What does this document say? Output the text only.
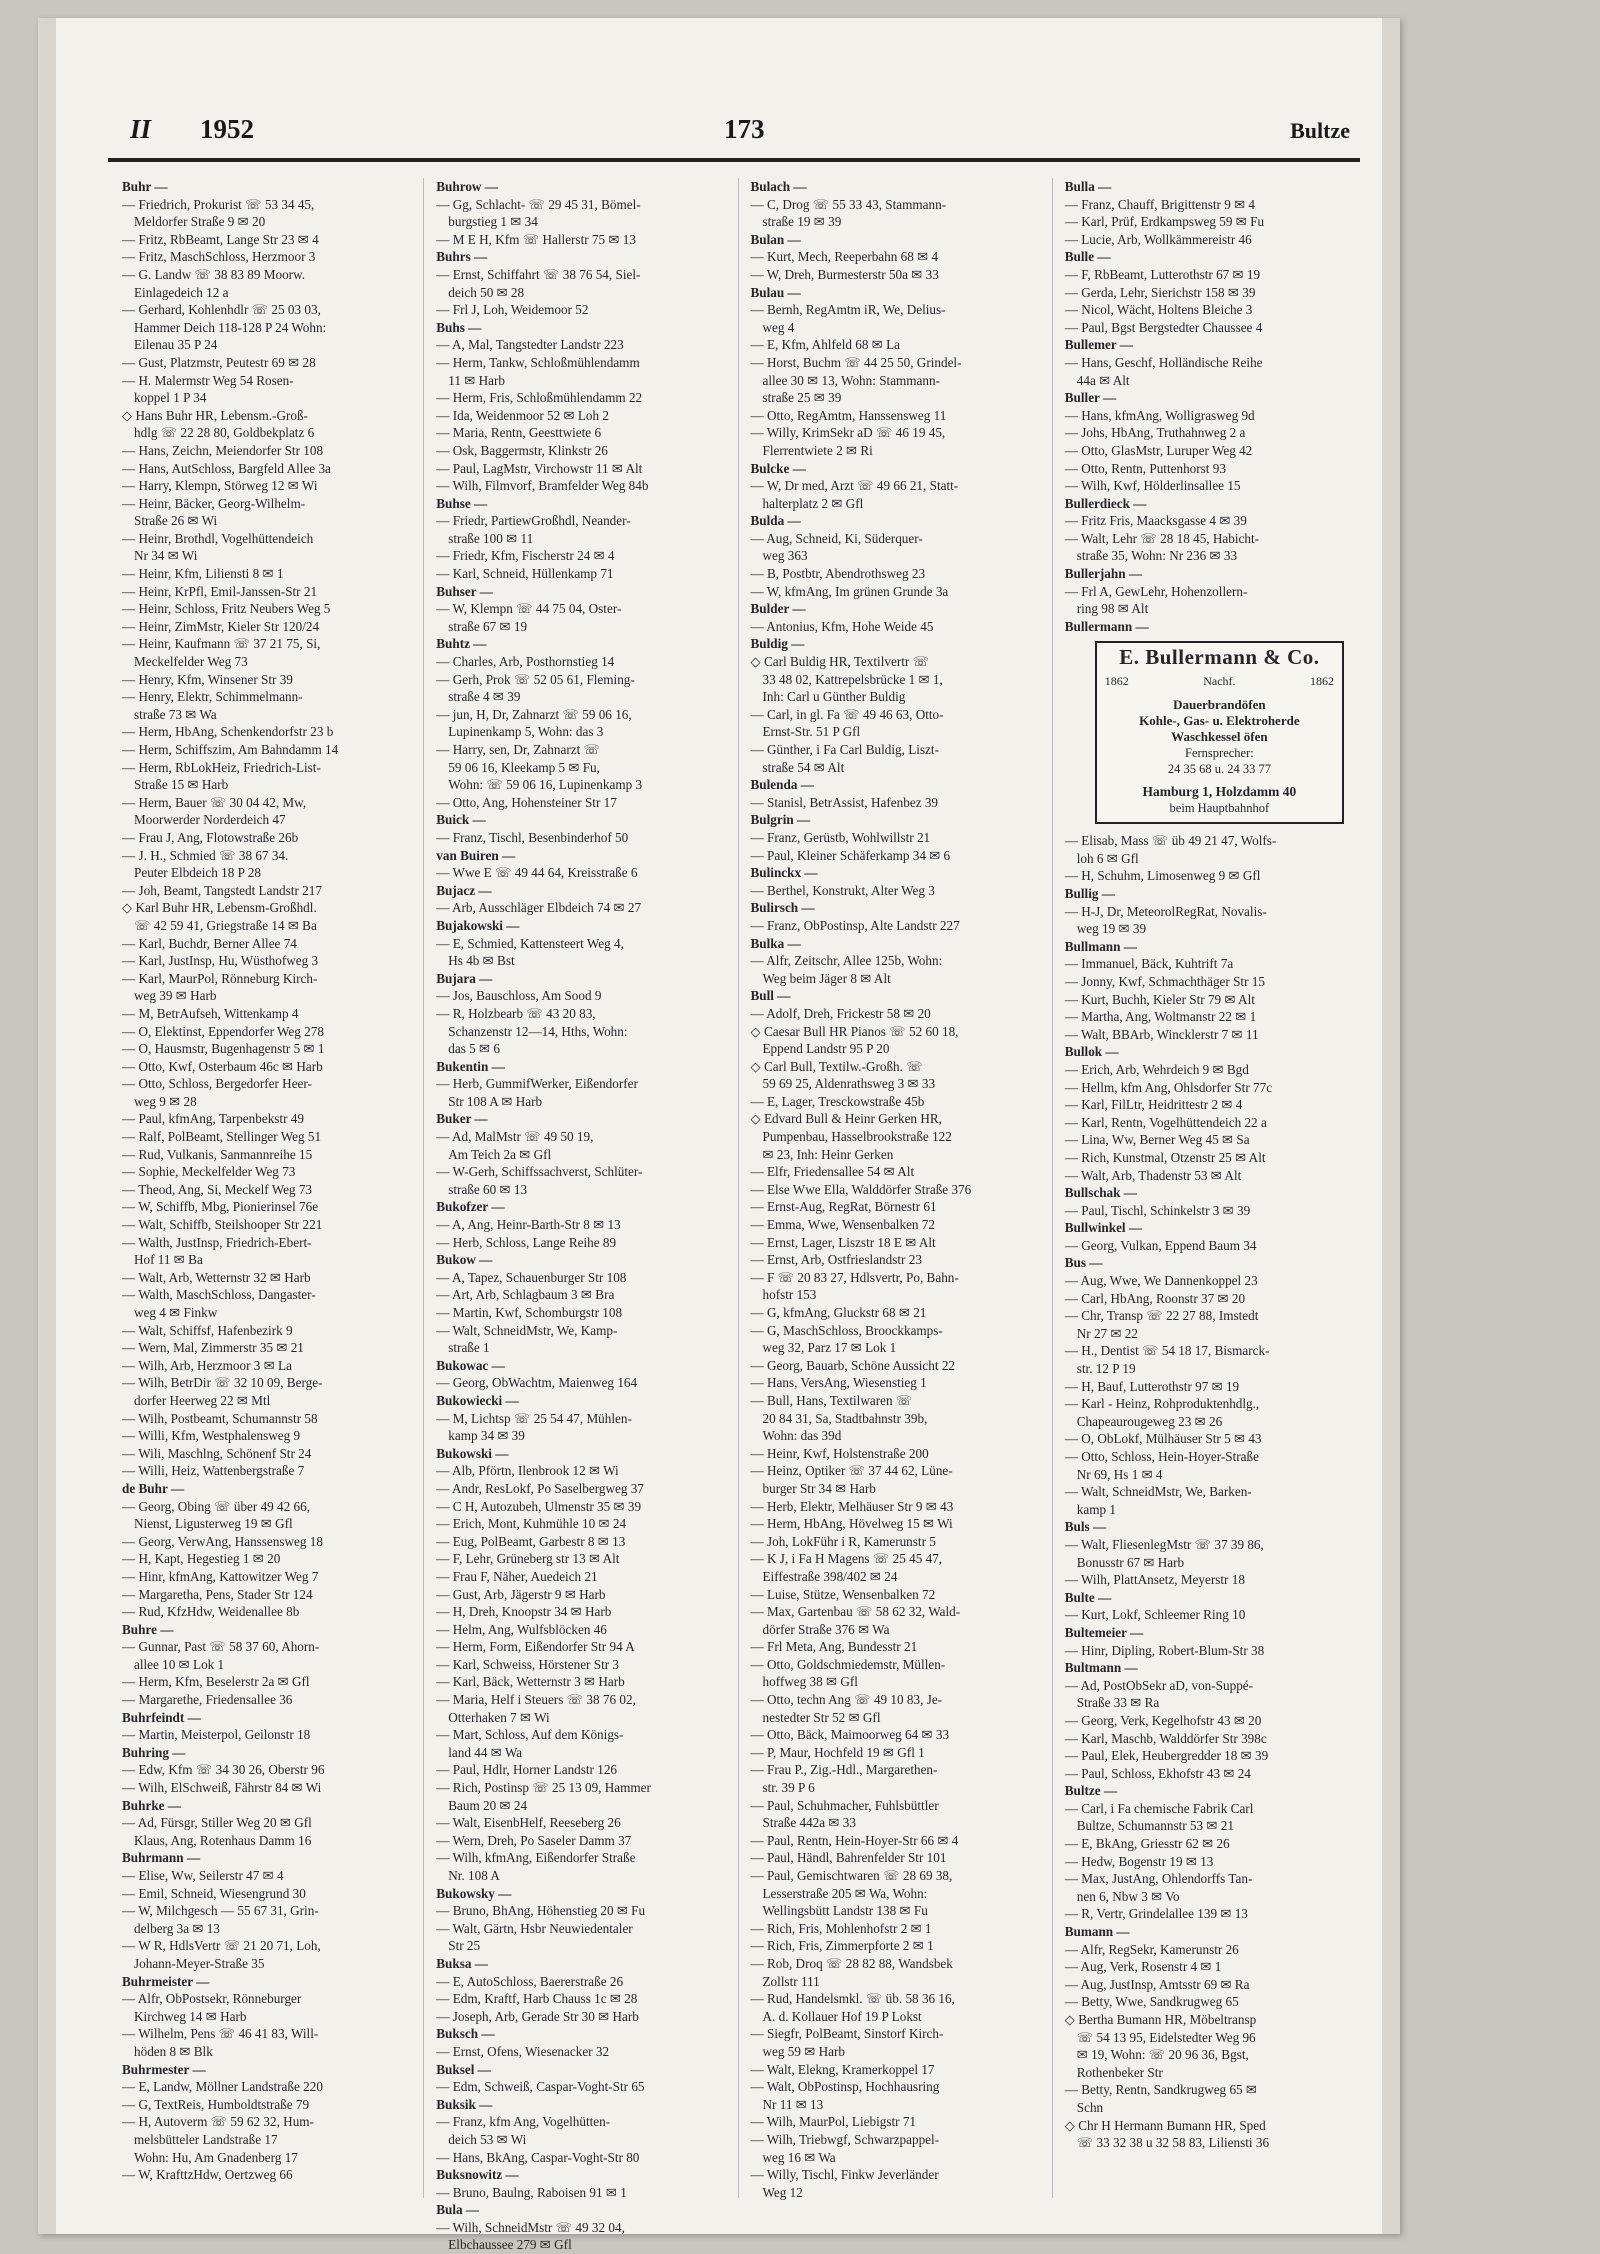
II 1952	173	Bultze
Buhr —
— Friedrich, Prokurist ☏ 53 34 45,
Meldorfer Straße 9 ✉ 20
— Fritz, RbBeamt, Lange Str 23 ✉ 4
— Fritz, MaschSchloss, Herzmoor 3
— G. Landw ☏ 38 83 89 Moorw.
Einlagedeich 12 a
— Gerhard, Kohlenhdlr ☏ 25 03 03,
Hammer Deich 118-128 P 24 Wohn:
Eilenau 35 P 24
— Gust, Platzmstr, Peutestr 69 ✉ 28
— H. Malermstr Weg 54 Rosen-
koppel 1 P 34
◇ Hans Buhr HR, Lebensm.-Groß-
hdlg ☏ 22 28 80, Goldbekplatz 6
— Hans, Zeichn, Meiendorfer Str 108
— Hans, AutSchloss, Bargfeld Allee 3a
— Harry, Klempn, Störweg 12 ✉ Wi
— Heinr, Bäcker, Georg-Wilhelm-
Straße 26 ✉ Wi
— Heinr, Brothdl, Vogelhüttendeich
Nr 34 ✉ Wi
— Heinr, Kfm, Liliensti 8 ✉ 1
— Heinr, KrPfl, Emil-Janssen-Str 21
— Heinr, Schloss, Fritz Neubers Weg 5
— Heinr, ZimMstr, Kieler Str 120/24
— Heinr, Kaufmann ☏ 37 21 75, Si,
Meckelfelder Weg 73
— Henry, Kfm, Winsener Str 39
— Henry, Elektr, Schimmelmann-
straße 73 ✉ Wa
— Herm, HbAng, Schenkendorfstr 23 b
— Herm, Schiffszim, Am Bahndamm 14
— Herm, RbLokHeiz, Friedrich-List-
Straße 15 ✉ Harb
— Herm, Bauer ☏ 30 04 42, Mw,
Moorwerder Norderdeich 47
— Frau J, Ang, Flotowstraße 26b
— J. H., Schmied ☏ 38 67 34.
Peuter Elbdeich 18 P 28
— Joh, Beamt, Tangstedt Landstr 217
◇ Karl Buhr HR, Lebensm-Großhdl.
☏ 42 59 41, Griegstraße 14 ✉ Ba
— Karl, Buchdr, Berner Allee 74
— Karl, JustInsp, Hu, Wüsthofweg 3
— Karl, MaurPol, Rönneburg Kirch-
weg 39 ✉ Harb
— M, BetrAufseh, Wittenkamp 4
— O, Elektinst, Eppendorfer Weg 278
— O, Hausmstr, Bugenhagenstr 5 ✉ 1
— Otto, Kwf, Osterbaum 46c ✉ Harb
— Otto, Schloss, Bergedorfer Heer-
weg 9 ✉ 28
— Paul, kfmAng, Tarpenbekstr 49
— Ralf, PolBeamt, Stellinger Weg 51
— Rud, Vulkanis, Sanmannreihe 15
— Sophie, Meckelfelder Weg 73
— Theod, Ang, Si, Meckelf Weg 73
— W, Schiffb, Mbg, Pionierinsel 76e
— Walt, Schiffb, Steilshooper Str 221
— Walth, JustInsp, Friedrich-Ebert-
Hof 11 ✉ Ba
— Walt, Arb, Wetternstr 32 ✉ Harb
— Walth, MaschSchloss, Dangaster-
weg 4 ✉ Finkw
— Walt, Schiffsf, Hafenbezirk 9
— Wern, Mal, Zimmerstr 35 ✉ 21
— Wilh, Arb, Herzmoor 3 ✉ La
— Wilh, BetrDir ☏ 32 10 09, Berge-
dorfer Heerweg 22 ✉ Mtl
— Wilh, Postbeamt, Schumannstr 58
— Willi, Kfm, Westphalensweg 9
— Wili, Maschlng, Schönenf Str 24
— Willi, Heiz, Wattenbergstraße 7
de Buhr —
— Georg, Obing ☏ über 49 42 66,
Nienst, Ligusterweg 19 ✉ Gfl
— Georg, VerwAng, Hanssensweg 18
— H, Kapt, Hegestieg 1 ✉ 20
— Hinr, kfmAng, Kattowitzer Weg 7
— Margaretha, Pens, Stader Str 124
— Rud, KfzHdw, Weidenallee 8b
Buhre —
— Gunnar, Past ☏ 58 37 60, Ahorn-
allee 10 ✉ Lok 1
— Herm, Kfm, Beselerstr 2a ✉ Gfl
— Margarethe, Friedensallee 36
Buhrfeindt —
— Martin, Meisterpol, Geilonstr 18
Buhring —
— Edw, Kfm ☏ 34 30 26, Oberstr 96
— Wilh, ElSchweiß, Fährstr 84 ✉ Wi
Buhrke —
— Ad, Fürsgr, Stiller Weg 20 ✉ Gfl
Klaus, Ang, Rotenhaus Damm 16
Buhrmann —
— Elise, Ww, Seilerstr 47 ✉ 4
— Emil, Schneid, Wiesengrund 30
— W, Milchgesch — 55 67 31, Grin-
delberg 3a ✉ 13
— W R, HdlsVertr ☏ 21 20 71, Loh,
Johann-Meyer-Straße 35
Buhrmeister —
— Alfr, ObPostsekr, Rönneburger
Kirchweg 14 ✉ Harb
— Wilhelm, Pens ☏ 46 41 83, Will-
höden 8 ✉ Blk
Buhrmester —
— E, Landw, Möllner Landstraße 220
— G, TextReis, Humboldtstraße 79
— H, Autoverm ☏ 59 62 32, Hum-
melsbütteler Landstraße 17
Wohn: Hu, Am Gnadenberg 17
— W, KrafttzHdw, Oertzweg 66
Buhrow —
— Gg, Schlacht- ☏ 29 45 31, Bömel-
burgstieg 1 ✉ 34
— M E H, Kfm ☏ Hallerstr 75 ✉ 13
Buhrs —
— Ernst, Schiffahrt ☏ 38 76 54, Siel-
deich 50 ✉ 28
— Frl J, Loh, Weidemoor 52
Buhs —
— A, Mal, Tangstedter Landstr 223
— Herm, Tankw, Schloßmühlendamm
11 ✉ Harb
— Herm, Fris, Schloßmühlendamm 22
— Ida, Weidenmoor 52 ✉ Loh 2
— Maria, Rentn, Geesttwiete 6
— Osk, Baggermstr, Klinkstr 26
— Paul, LagMstr, Virchowstr 11 ✉ Alt
— Wilh, Filmvorf, Bramfelder Weg 84b
Buhse —
— Friedr, PartiewGroßhdl, Neander-
straße 100 ✉ 11
— Friedr, Kfm, Fischerstr 24 ✉ 4
— Karl, Schneid, Hüllenkamp 71
Buhser —
— W, Klempn ☏ 44 75 04, Oster-
straße 67 ✉ 19
Buhtz —
— Charles, Arb, Posthornstieg 14
— Gerh, Prok ☏ 52 05 61, Fleming-
straße 4 ✉ 39
— jun, H, Dr, Zahnarzt ☏ 59 06 16,
Lupinenkamp 5, Wohn: das 3
— Harry, sen, Dr, Zahnarzt ☏
59 06 16, Kleekamp 5 ✉ Fu,
Wohn: ☏ 59 06 16, Lupinenkamp 3
— Otto, Ang, Hohensteiner Str 17
Buick —
— Franz, Tischl, Besenbinderhof 50
van Buiren —
— Wwe E ☏ 49 44 64, Kreisstraße 6
Bujacz —
— Arb, Ausschläger Elbdeich 74 ✉ 27
Bujakowski —
— E, Schmied, Kattensteert Weg 4,
Hs 4b ✉ Bst
Bujara —
— Jos, Bauschloss, Am Sood 9
— R, Holzbearb ☏ 43 20 83,
Schanzenstr 12—14, Hths, Wohn:
das 5 ✉ 6
Bukentin —
— Herb, GummifWerker, Eißendorfer
Str 108 A ✉ Harb
Buker —
— Ad, MalMstr ☏ 49 50 19,
Am Teich 2a ✉ Gfl
— W-Gerh, Schiffssachverst, Schlüter-
straße 60 ✉ 13
Bukofzer —
— A, Ang, Heinr-Barth-Str 8 ✉ 13
— Herb, Schloss, Lange Reihe 89
Bukow —
— A, Tapez, Schauenburger Str 108
— Art, Arb, Schlagbaum 3 ✉ Bra
— Martin, Kwf, Schomburgstr 108
— Walt, SchneidMstr, We, Kamp-
straße 1
Bukowac —
— Georg, ObWachtm, Maienweg 164
Bukowiecki —
— M, Lichtsp ☏ 25 54 47, Mühlen-
kamp 34 ✉ 39
Bukowski —
— Alb, Pförtn, Ilenbrook 12 ✉ Wi
— Andr, ResLokf, Po Saselbergweg 37
— C H, Autozubeh, Ulmenstr 35 ✉ 39
— Erich, Mont, Kuhmühle 10 ✉ 24
— Eug, PolBeamt, Garbestr 8 ✉ 13
— F, Lehr, Grüneberg str 13 ✉ Alt
— Frau F, Näher, Auedeich 21
— Gust, Arb, Jägerstr 9 ✉ Harb
— H, Dreh, Knoopstr 34 ✉ Harb
— Helm, Ang, Wulfsblöcken 46
— Herm, Form, Eißendorfer Str 94 A
— Karl, Schweiss, Hörstener Str 3
— Karl, Bäck, Wetternstr 3 ✉ Harb
— Maria, Helf i Steuers ☏ 38 76 02,
Otterhaken 7 ✉ Wi
— Mart, Schloss, Auf dem Königs-
land 44 ✉ Wa
— Paul, Hdlr, Horner Landstr 126
— Rich, Postinsp ☏ 25 13 09, Hammer
Baum 20 ✉ 24
— Walt, EisenbHelf, Reeseberg 26
— Wern, Dreh, Po Saseler Damm 37
— Wilh, kfmAng, Eißendorfer Straße
Nr. 108 A
Bukowsky —
— Bruno, BhAng, Höhenstieg 20 ✉ Fu
— Walt, Gärtn, Hsbr Neuwiedentaler
Str 25
Buksa —
— E, AutoSchloss, Baererstraße 26
— Edm, Kraftf, Harb Chauss 1c ✉ 28
— Joseph, Arb, Gerade Str 30 ✉ Harb
Buksch —
— Ernst, Ofens, Wiesenacker 32
Buksel —
— Edm, Schweiß, Caspar-Voght-Str 65
Buksik —
— Franz, kfm Ang, Vogelhütten-
deich 53 ✉ Wi
— Hans, BkAng, Caspar-Voght-Str 80
Buksnowitz —
— Bruno, Baulng, Raboisen 91 ✉ 1
Bula —
— Wilh, SchneidMstr ☏ 49 32 04,
Elbchaussee 279 ✉ Gfl
Bulach —
— C, Drog ☏ 55 33 43, Stammann-
straße 19 ✉ 39
Bulan —
— Kurt, Mech, Reeperbahn 68 ✉ 4
— W, Dreh, Burmesterstr 50a ✉ 33
Bulau —
— Bernh, RegAmtm iR, We, Delius-
weg 4
— E, Kfm, Ahlfeld 68 ✉ La
— Horst, Buchm ☏ 44 25 50, Grindel-
allee 30 ✉ 13, Wohn: Stammann-
straße 25 ✉ 39
— Otto, RegAmtm, Hanssensweg 11
— Willy, KrimSekr aD ☏ 46 19 45,
Flerrentwiete 2 ✉ Ri
Bulcke —
— W, Dr med, Arzt ☏ 49 66 21, Statt-
halterplatz 2 ✉ Gfl
Bulda —
— Aug, Schneid, Ki, Süderquer-
weg 363
— B, Postbtr, Abendrothsweg 23
— W, kfmAng, Im grünen Grunde 3a
Bulder —
— Antonius, Kfm, Hohe Weide 45
Buldig —
◇ Carl Buldig HR, Textilvertr ☏
33 48 02, Kattrepelsbrücke 1 ✉ 1,
Inh: Carl u Günther Buldig
— Carl, in gl. Fa ☏ 49 46 63, Otto-
Ernst-Str. 51 P Gfl
— Günther, i Fa Carl Buldig, Liszt-
straße 54 ✉ Alt
Bulenda —
— Stanisl, BetrAssist, Hafenbez 39
Bulgrin —
— Franz, Gerüstb, Wohlwillstr 21
— Paul, Kleiner Schäferkamp 34 ✉ 6
Bulinckx —
— Berthel, Konstrukt, Alter Weg 3
Bulirsch —
— Franz, ObPostinsp, Alte Landstr 227
Bulka —
— Alfr, Zeitschr, Allee 125b, Wohn:
Weg beim Jäger 8 ✉ Alt
Bull —
— Adolf, Dreh, Frickestr 58 ✉ 20
◇ Caesar Bull HR Pianos ☏ 52 60 18,
Eppend Landstr 95 P 20
◇ Carl Bull, Textilw.-Großh. ☏
59 69 25, Aldenrathsweg 3 ✉ 33
— E, Lager, Tresckowstraße 45b
◇ Edvard Bull & Heinr Gerken HR,
Pumpenbau, Hasselbrookstraße 122
✉ 23, Inh: Heinr Gerken
— Elfr, Friedensallee 54 ✉ Alt
— Else Wwe Ella, Walddörfer Straße 376
— Ernst-Aug, RegRat, Börnestr 61
— Emma, Wwe, Wensenbalken 72
— Ernst, Lager, Liszstr 18 E ✉ Alt
— Ernst, Arb, Ostfrieslandstr 23
— F ☏ 20 83 27, Hdlsvertr, Po, Bahn-
hofstr 153
— G, kfmAng, Gluckstr 68 ✉ 21
— G, MaschSchloss, Broockkamps-
weg 32, Parz 17 ✉ Lok 1
— Georg, Bauarb, Schöne Aussicht 22
— Hans, VersAng, Wiesenstieg 1
— Bull, Hans, Textilwaren ☏
20 84 31, Sa, Stadtbahnstr 39b,
Wohn: das 39d
— Heinr, Kwf, Holstenstraße 200
— Heinz, Optiker ☏ 37 44 62, Lüne-
burger Str 34 ✉ Harb
— Herb, Elektr, Melhäuser Str 9 ✉ 43
— Herm, HbAng, Hövelweg 15 ✉ Wi
— Joh, LokFühr i R, Kamerunstr 5
— K J, i Fa H Magens ☏ 25 45 47,
Eiffestraße 398/402 ✉ 24
— Luise, Stütze, Wensenbalken 72
— Max, Gartenbau ☏ 58 62 32, Wald-
dörfer Straße 376 ✉ Wa
— Frl Meta, Ang, Bundesstr 21
— Otto, Goldschmiedemstr, Müllen-
hoffweg 38 ✉ Gfl
— Otto, techn Ang ☏ 49 10 83, Je-
nestedter Str 52 ✉ Gfl
— Otto, Bäck, Maimoorweg 64 ✉ 33
— P, Maur, Hochfeld 19 ✉ Gfl 1
— Frau P., Zig.-Hdl., Margarethen-
str. 39 P 6
— Paul, Schuhmacher, Fuhlsbüttler
Straße 442a ✉ 33
— Paul, Rentn, Hein-Hoyer-Str 66 ✉ 4
— Paul, Händl, Bahrenfelder Str 101
— Paul, Gemischtwaren ☏ 28 69 38,
Lesserstraße 205 ✉ Wa, Wohn:
Wellingsbütt Landstr 138 ✉ Fu
— Rich, Fris, Mohlenhofstr 2 ✉ 1
— Rich, Fris, Zimmerpforte 2 ✉ 1
— Rob, Droq ☏ 28 82 88, Wandsbek
Zollstr 111
— Rud, Handelsmkl. ☏ üb. 58 36 16,
A. d. Kollauer Hof 19 P Lokst
— Siegfr, PolBeamt, Sinstorf Kirch-
weg 59 ✉ Harb
— Walt, Elekng, Kramerkoppel 17
— Walt, ObPostinsp, Hochhausring
Nr 11 ✉ 13
— Wilh, MaurPol, Liebigstr 71
— Wilh, Triebwgf, Schwarzpappel-
weg 16 ✉ Wa
— Willy, Tischl, Finkw Jeverländer
Weg 12
Bulla —
— Franz, Chauff, Brigittenstr 9 ✉ 4
— Karl, Prüf, Erdkampsweg 59 ✉ Fu
— Lucie, Arb, Wollkämmereistr 46
Bulle —
— F, RbBeamt, Lutterothstr 67 ✉ 19
— Gerda, Lehr, Sierichstr 158 ✉ 39
— Nicol, Wächt, Holtens Bleiche 3
— Paul, Bgst Bergstedter Chaussee 4
Bullemer —
— Hans, Geschf, Holländische Reihe
44a ✉ Alt
Buller —
— Hans, kfmAng, Wolligrasweg 9d
— Johs, HbAng, Truthahnweg 2 a
— Otto, GlasMstr, Luruper Weg 42
— Otto, Rentn, Puttenhorst 93
— Wilh, Kwf, Hölderlinsallee 15
Bullerdieck —
— Fritz Fris, Maacksgasse 4 ✉ 39
— Walt, Lehr ☏ 28 18 45, Habicht-
straße 35, Wohn: Nr 236 ✉ 33
Bullerjahn —
— Frl A, GewLehr, Hohenzollern-
ring 98 ✉ Alt
Bullermann —
E. Bullermann & Co.
1862	Nachf.	1862
Dauerbrandöfen
Kohle-, Gas- u. Elektroherde
Waschkessel öfen
Fernsprecher:
24 35 68 u. 24 33 77
Hamburg 1, Holzdamm 40
beim Hauptbahnhof
— Elisab, Mass ☏ üb 49 21 47, Wolfs-
loh 6 ✉ Gfl
— H, Schuhm, Limosenweg 9 ✉ Gfl
Bullig —
— H-J, Dr, MeteorolRegRat, Novalis-
weg 19 ✉ 39
Bullmann —
— Immanuel, Bäck, Kuhtrift 7a
— Jonny, Kwf, Schmachthäger Str 15
— Kurt, Buchh, Kieler Str 79 ✉ Alt
— Martha, Ang, Woltmanstr 22 ✉ 1
— Walt, BBArb, Wincklerstr 7 ✉ 11
Bullok —
— Erich, Arb, Wehrdeich 9 ✉ Bgd
— Hellm, kfm Ang, Ohlsdorfer Str 77c
— Karl, FilLtr, Heidrittestr 2 ✉ 4
— Karl, Rentn, Vogelhüttendeich 22 a
— Lina, Ww, Berner Weg 45 ✉ Sa
— Rich, Kunstmal, Otzenstr 25 ✉ Alt
— Walt, Arb, Thadenstr 53 ✉ Alt
Bullschak —
— Paul, Tischl, Schinkelstr 3 ✉ 39
Bullwinkel —
— Georg, Vulkan, Eppend Baum 34
Bus —
— Aug, Wwe, We Dannenkoppel 23
— Carl, HbAng, Roonstr 37 ✉ 20
— Chr, Transp ☏ 22 27 88, Imstedt
Nr 27 ✉ 22
— H., Dentist ☏ 54 18 17, Bismarck-
str. 12 P 19
— H, Bauf, Lutterothstr 97 ✉ 19
— Karl - Heinz, Rohproduktenhdlg.,
Chapeaurougeweg 23 ✉ 26
— O, ObLokf, Mülhäuser Str 5 ✉ 43
— Otto, Schloss, Hein-Hoyer-Straße
Nr 69, Hs 1 ✉ 4
— Walt, SchneidMstr, We, Barken-
kamp 1
Buls —
— Walt, FliesenlegMstr ☏ 37 39 86,
Bonusstr 67 ✉ Harb
— Wilh, PlattAnsetz, Meyerstr 18
Bulte —
— Kurt, Lokf, Schleemer Ring 10
Bultemeier —
— Hinr, Dipling, Robert-Blum-Str 38
Bultmann —
— Ad, PostObSekr aD, von-Suppé-
Straße 33 ✉ Ra
— Georg, Verk, Kegelhofstr 43 ✉ 20
— Karl, Maschb, Walddörfer Str 398c
— Paul, Elek, Heubergredder 18 ✉ 39
— Paul, Schloss, Ekhofstr 43 ✉ 24
Bultze —
— Carl, i Fa chemische Fabrik Carl
Bultze, Schumannstr 53 ✉ 21
— E, BkAng, Griesstr 62 ✉ 26
— Hedw, Bogenstr 19 ✉ 13
— Max, JustAng, Ohlendorffs Tan-
nen 6, Nbw 3 ✉ Vo
— R, Vertr, Grindelallee 139 ✉ 13
Bumann —
— Alfr, RegSekr, Kamerunstr 26
— Aug, Verk, Rosenstr 4 ✉ 1
— Aug, JustInsp, Amtsstr 69 ✉ Ra
— Betty, Wwe, Sandkrugweg 65
◇ Bertha Bumann HR, Möbeltransp
☏ 54 13 95, Eidelstedter Weg 96
✉ 19, Wohn: ☏ 20 96 36, Bgst,
Rothenbeker Str
— Betty, Rentn, Sandkrugweg 65 ✉
Schn
◇ Chr H Hermann Bumann HR, Sped
☏ 33 32 38 u 32 58 83, Liliensti 36
